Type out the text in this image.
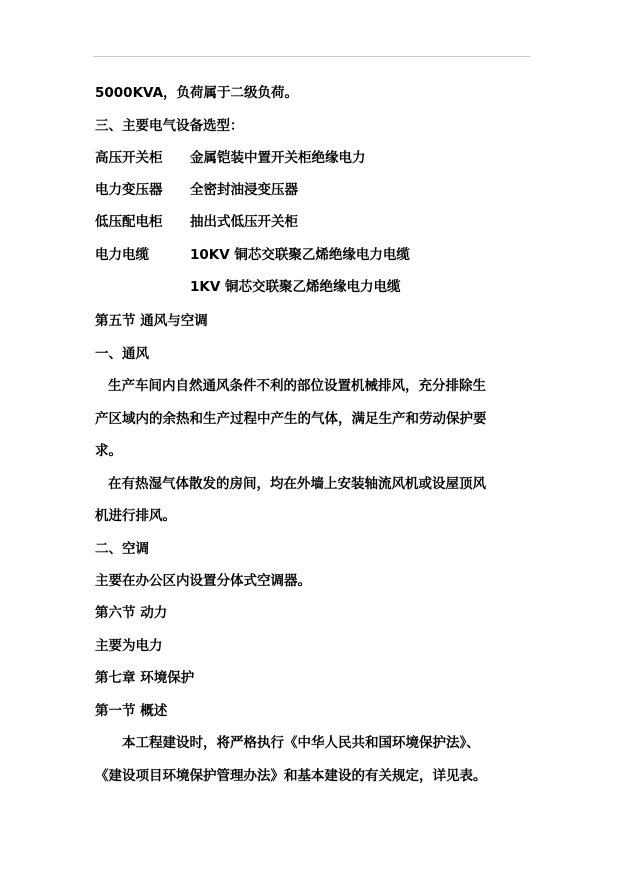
5000KVA，负荷属于二级负荷。
三、主要电气设备选型：
高压开关柜 金属铠装中置开关柜绝缘电力
电力变压器 全密封油浸变压器
低压配电柜 抽出式低压开关柜
电力电缆	10KV 铜芯交联聚乙烯绝缘电力电缆
1KV 铜芯交联聚乙烯绝缘电力电缆
第五节 通风与空调
一、通风
生产车间内自然通风条件不利的部位设置机械排风，充分排除生
产区域内的余热和生产过程中产生的气体，满足生产和劳动保护要
求。
在有热湿气体散发的房间，均在外墙上安装轴流风机或设屋顶风
机进行排风。
二、空调
主要在办公区内设置分体式空调器。
第六节 动力
主要为电力
第七章 环境保护
第一节 概述
本工程建设时，将严格执行《中华人民共和国环境保护法》、
《建设项目环境保护管理办法》和基本建设的有关规定，详见表。
